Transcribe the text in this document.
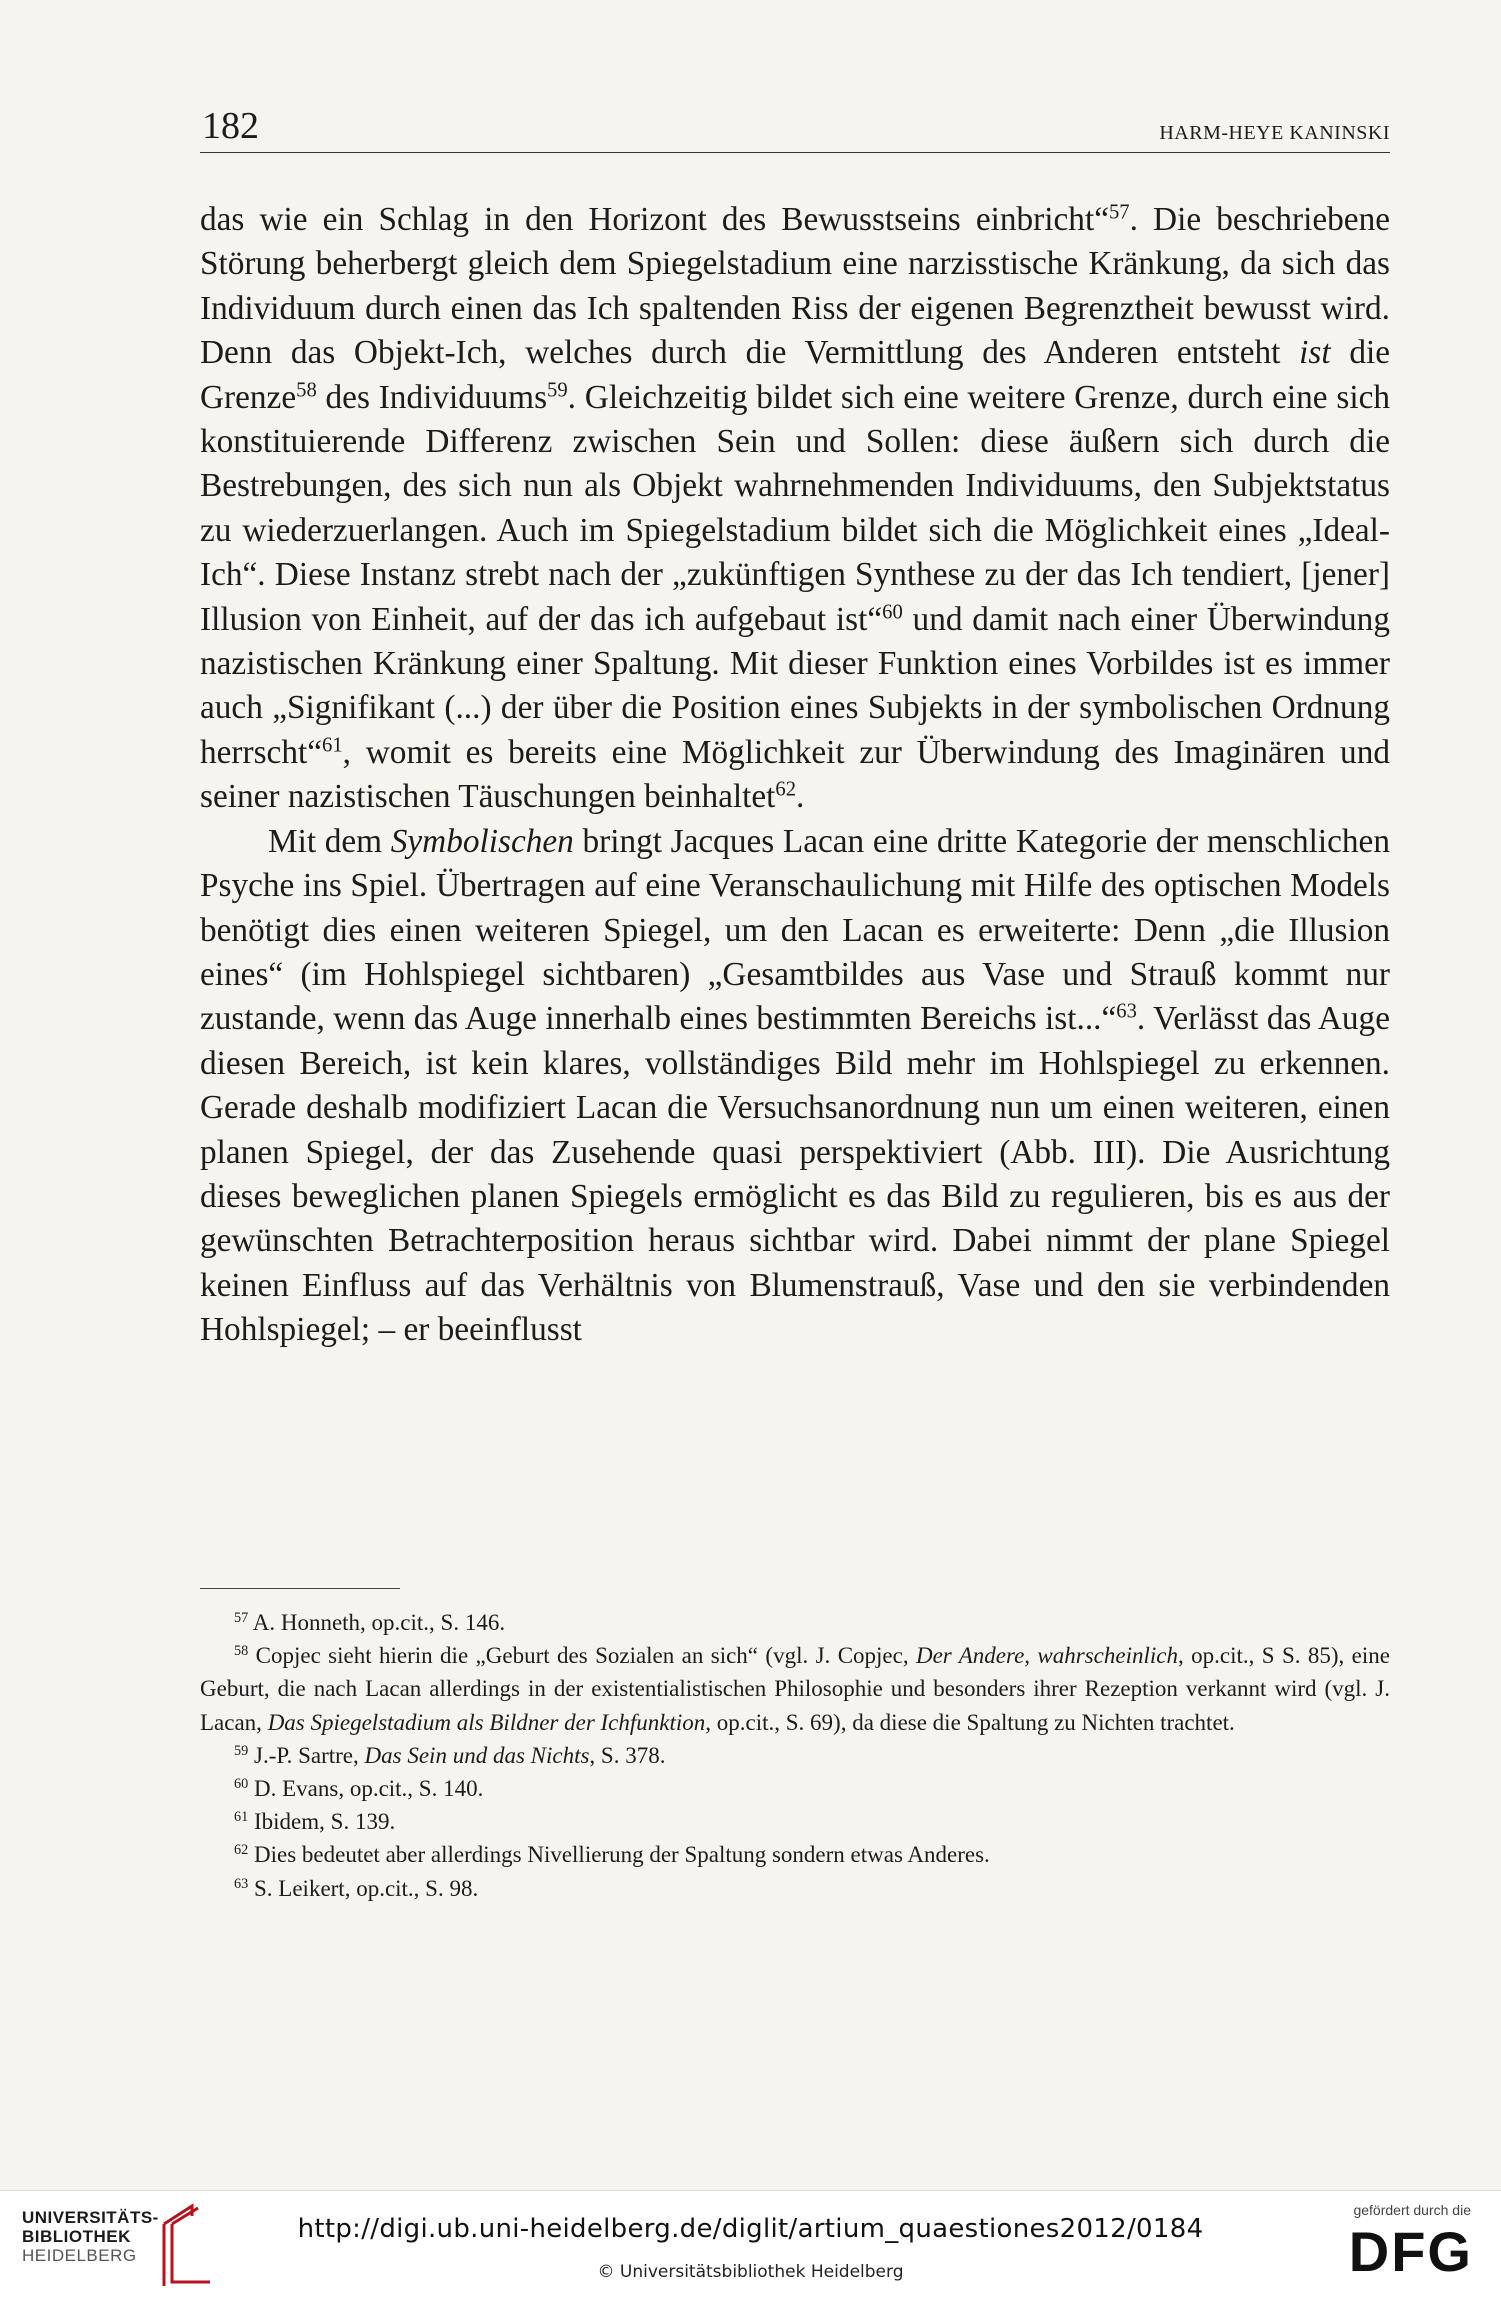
182	HARM-HEYE KANINSKI

das wie ein Schlag in den Horizont des Bewusstseins einbricht“$^{57}$. Die beschriebene Störung beherbergt gleich dem Spiegelstadium eine narzisstische Kränkung, da sich das Individuum durch einen das Ich spaltenden Riss der eigenen Begrenztheit bewusst wird. Denn das Objekt-Ich, welches durch die Vermittlung des Anderen entsteht ist die Grenze$^{58}$ des Individuums$^{59}$. Gleichzeitig bildet sich eine weitere Grenze, durch eine sich konstituierende Differenz zwischen Sein und Sollen: diese äußern sich durch die Bestrebungen, des sich nun als Objekt wahrnehmenden Individuums, den Subjektstatus zu wiederzuerlangen. Auch im Spiegelstadium bildet sich die Möglichkeit eines „Ideal-Ich“. Diese Instanz strebt nach der „zukünftigen Synthese zu der das Ich tendiert, [jener] Illusion von Einheit, auf der das ich aufgebaut ist“$^{60}$ und damit nach einer Überwindung nazistischen Kränkung einer Spaltung. Mit dieser Funktion eines Vorbildes ist es immer auch „Signifikant (...) der über die Position eines Subjekts in der symbolischen Ordnung herrscht“$^{61}$, womit es bereits eine Möglichkeit zur Überwindung des Imaginären und seiner nazistischen Täuschungen beinhaltet$^{62}$.

Mit dem Symbolischen bringt Jacques Lacan eine dritte Kategorie der menschlichen Psyche ins Spiel. Übertragen auf eine Veranschaulichung mit Hilfe des optischen Models benötigt dies einen weiteren Spiegel, um den Lacan es erweiterte: Denn „die Illusion eines“ (im Hohlspiegel sichtbaren) „Gesamtbildes aus Vase und Strauß kommt nur zustande, wenn das Auge innerhalb eines bestimmten Bereichs ist...“$^{63}$. Verlässt das Auge diesen Bereich, ist kein klares, vollständiges Bild mehr im Hohlspiegel zu erkennen. Gerade deshalb modifiziert Lacan die Versuchsanordnung nun um einen weiteren, einen planen Spiegel, der das Zusehende quasi perspektiviert (Abb. III). Die Ausrichtung dieses beweglichen planen Spiegels ermöglicht es das Bild zu regulieren, bis es aus der gewünschten Betrachterposition heraus sichtbar wird. Dabei nimmt der plane Spiegel keinen Einfluss auf das Verhältnis von Blumenstrauß, Vase und den sie verbindenden Hohlspiegel; – er beeinflusst

$^{57}$ A. Honneth, op.cit., S. 146.

$^{58}$ Copjec sieht hierin die „Geburt des Sozialen an sich“ (vgl. J. Copjec, Der Andere, wahrscheinlich, op.cit., S S. 85), eine Geburt, die nach Lacan allerdings in der existentialistischen Philosophie und besonders ihrer Rezeption verkannt wird (vgl. J. Lacan, Das Spiegelstadium als Bildner der Ichfunktion, op.cit., S. 69), da diese die Spaltung zu Nichten trachtet.

$^{59}$ J.-P. Sartre, Das Sein und das Nichts, S. 378.

$^{60}$ D. Evans, op.cit., S. 140.

$^{61}$ Ibidem, S. 139.

$^{62}$ Dies bedeutet aber allerdings Nivellierung der Spaltung sondern etwas Anderes.

$^{63}$ S. Leikert, op.cit., S. 98.

UNIVERSITÄTS-
BIBLIOTHEK
HEIDELBERG
http://digi.ub.uni-heidelberg.de/diglit/artium_quaestiones2012/0184
© Universitätsbibliothek Heidelberg
gefördert durch die
DFG
